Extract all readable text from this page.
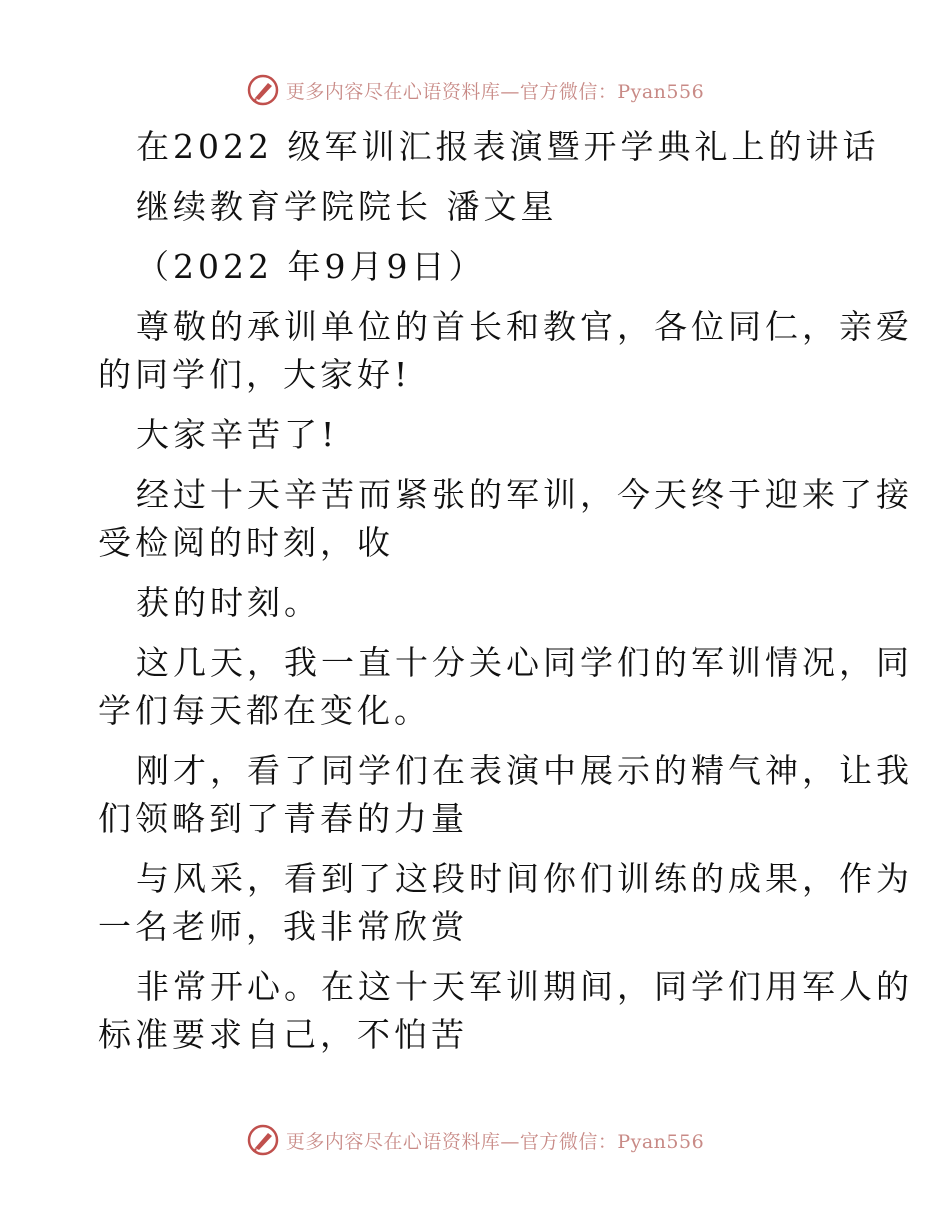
更多内容尽在心语资料库—官方微信：Pyan556

在2022 级军训汇报表演暨开学典礼上的讲话

继续教育学院院长 潘文星

（2022 年9月9日）

尊敬的承训单位的首长和教官，各位同仁，亲爱
的同学们，大家好!

大家辛苦了!

经过十天辛苦而紧张的军训，今天终于迎来了接
受检阅的时刻，收

获的时刻。

这几天，我一直十分关心同学们的军训情况，同
学们每天都在变化。

刚才，看了同学们在表演中展示的精气神，让我
们领略到了青春的力量

与风采，看到了这段时间你们训练的成果，作为
一名老师，我非常欣赏

非常开心。在这十天军训期间，同学们用军人的
标准要求自己，不怕苦

更多内容尽在心语资料库—官方微信：Pyan556
